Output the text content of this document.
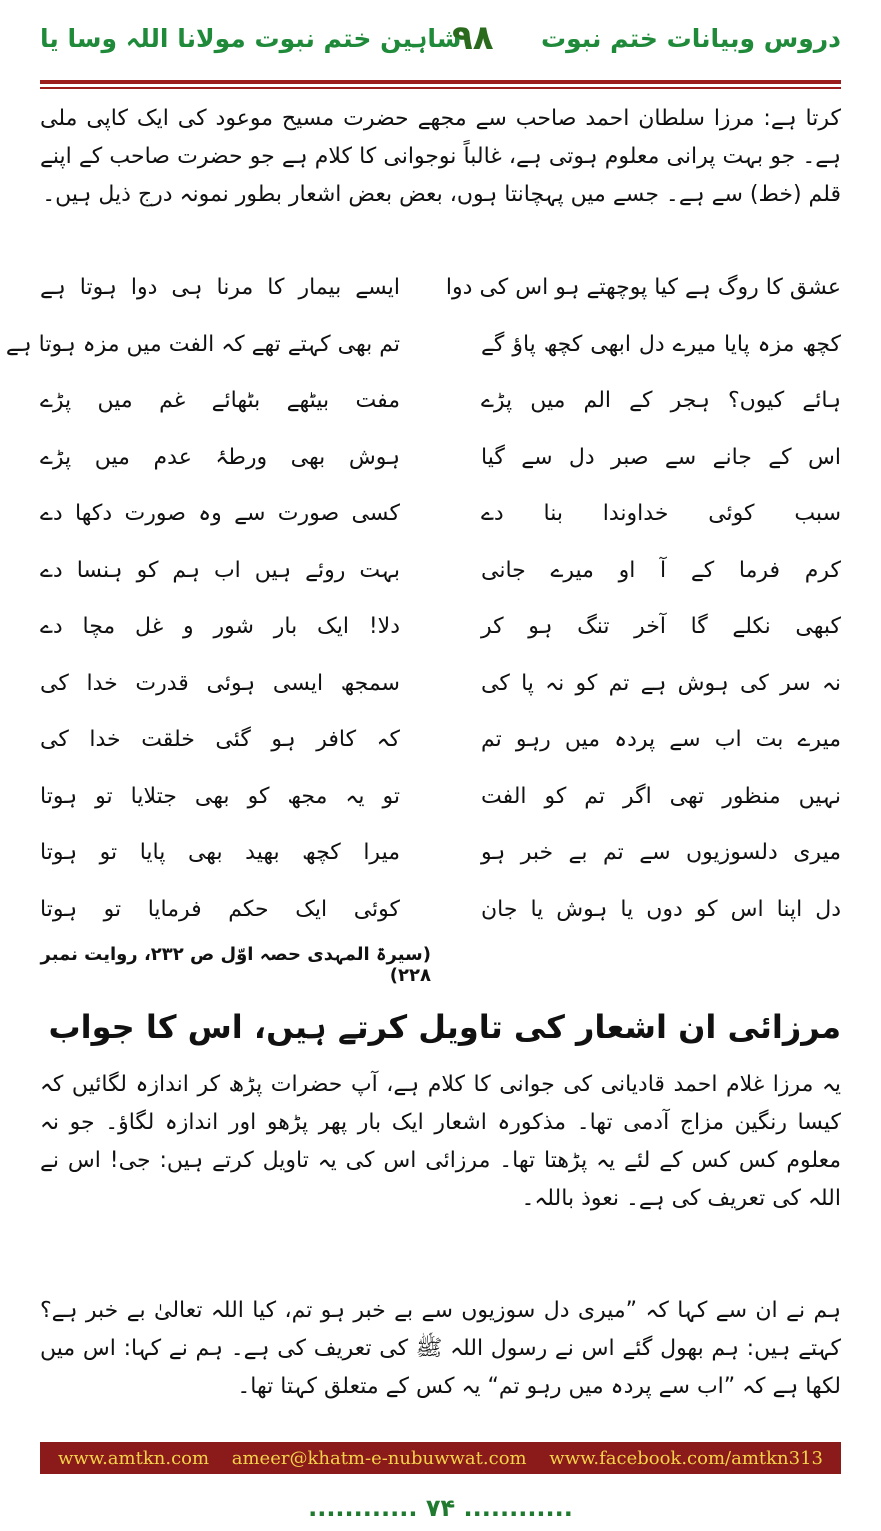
دروس وبیانات ختم نبوت
۹۸
شاہین ختم نبوت مولانا اللہ وسا یا

کرتا ہے: مرزا سلطان احمد صاحب سے مجھے حضرت مسیح موعود کی ایک کاپی ملی ہے۔ جو بہت پرانی معلوم ہوتی ہے، غالباً نوجوانی کا کلام ہے جو حضرت صاحب کے اپنے قلم (خط) سے ہے۔ جسے میں پہچانتا ہوں، بعض بعض اشعار بطور نمونہ درج ذیل ہیں۔

عشق کا روگ ہے کیا پوچھتے ہو اس کی دوا
ایسے بیمار کا مرنا ہی دوا ہوتا ہے
کچھ مزہ پایا میرے دل ابھی کچھ پاؤ گے
تم بھی کہتے تھے کہ الفت میں مزہ ہوتا ہے
ہائے کیوں؟ ہجر کے الم میں پڑے
مفت بیٹھے بٹھائے غم میں پڑے
اس کے جانے سے صبر دل سے گیا
ہوش بھی ورطۂ عدم میں پڑے
سبب کوئی خداوندا بنا دے
کسی صورت سے وہ صورت دکھا دے
کرم فرما کے آ او میرے جانی
بہت روئے ہیں اب ہم کو ہنسا دے
کبھی نکلے گا آخر تنگ ہو کر
دلا! ایک بار شور و غل مچا دے
نہ سر کی ہوش ہے تم کو نہ پا کی
سمجھ ایسی ہوئی قدرت خدا کی
میرے بت اب سے پردہ میں رہو تم
کہ کافر ہو گئی خلقت خدا کی
نہیں منظور تھی اگر تم کو الفت
تو یہ مجھ کو بھی جتلایا تو ہوتا
میری دلسوزیوں سے تم بے خبر ہو
میرا کچھ بھید بھی پایا تو ہوتا
دل اپنا اس کو دوں یا ہوش یا جان
کوئی ایک حکم فرمایا تو ہوتا
(سیرۃ المہدی حصہ اوّل ص ۲۳۲، روایت نمبر ۲۲۸)
مرزائی ان اشعار کی تاویل کرتے ہیں، اس کا جواب

یہ مرزا غلام احمد قادیانی کی جوانی کا کلام ہے، آپ حضرات پڑھ کر اندازہ لگائیں کہ کیسا رنگین مزاج آدمی تھا۔ مذکورہ اشعار ایک بار پھر پڑھو اور اندازہ لگاؤ۔ جو نہ معلوم کس کس کے لئے یہ پڑھتا تھا۔ مرزائی اس کی یہ تاویل کرتے ہیں: جی! اس نے اللہ کی تعریف کی ہے۔ نعوذ باللہ۔

ہم نے ان سے کہا کہ ”میری دل سوزیوں سے بے خبر ہو تم، کیا اللہ تعالیٰ بے خبر ہے؟ کہتے ہیں: ہم بھول گئے اس نے رسول اللہ ﷺ کی تعریف کی ہے۔ ہم نے کہا: اس میں لکھا ہے کہ ”اب سے پردہ میں رہو تم“ یہ کس کے متعلق کہتا تھا۔

www.amtkn.com ameer@khatm-e-nubuwwat.com www.facebook.com/amtkn313
............ ۷۴ ............
